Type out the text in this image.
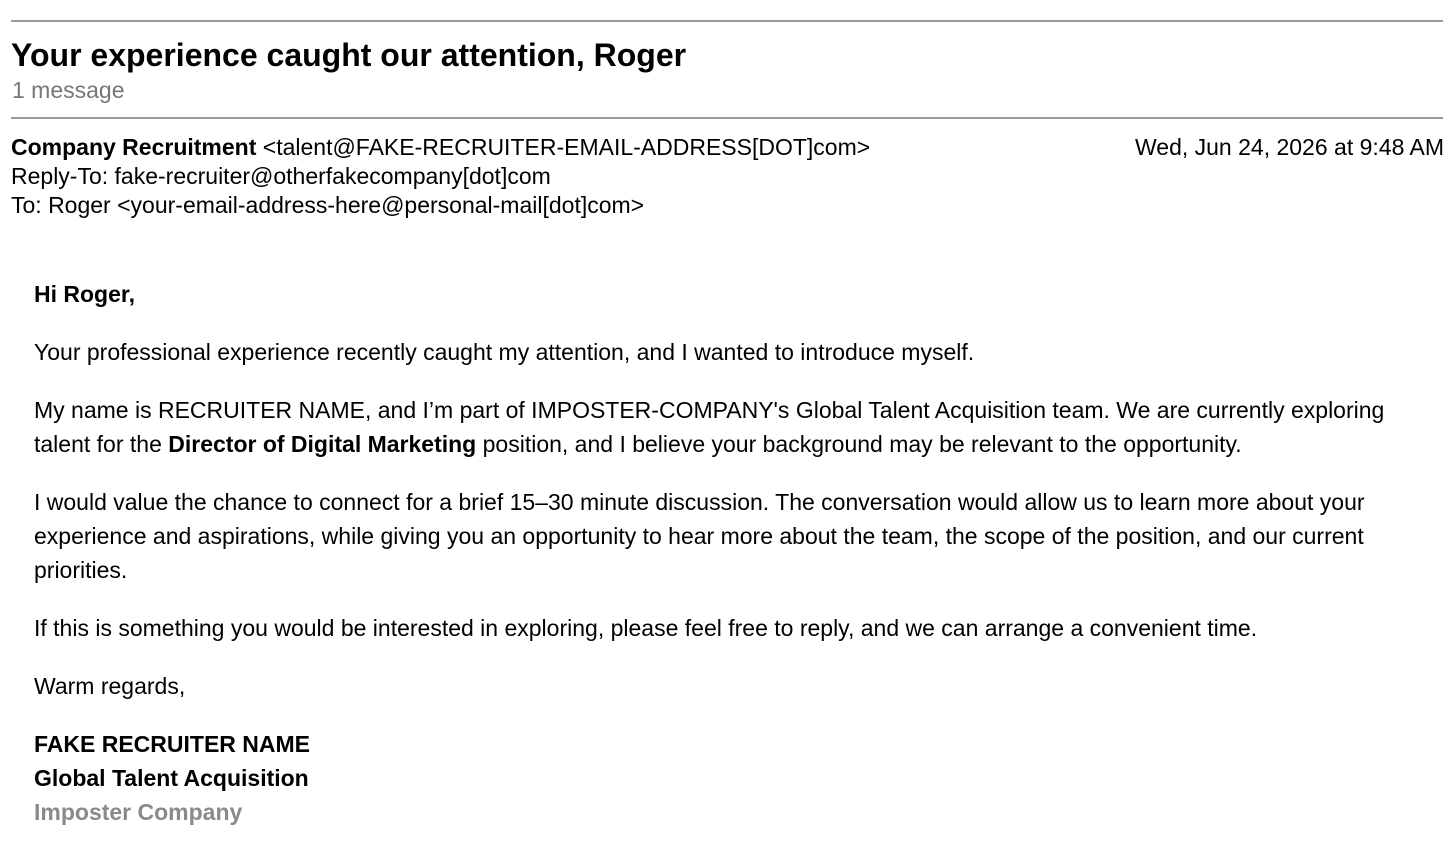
Your experience caught our attention, Roger
1 message
Company Recruitment <talent@FAKE-RECRUITER-EMAIL-ADDRESS[DOT]com>	Wed, Jun 24, 2026 at 9:48 AM
Reply-To: fake-recruiter@otherfakecompany[dot]com
To: Roger <your-email-address-here@personal-mail[dot]com>

Hi Roger,

Your professional experience recently caught my attention, and I wanted to introduce myself.

My name is RECRUITER NAME, and I’m part of IMPOSTER-COMPANY's Global Talent Acquisition team. We are currently exploring talent for the Director of Digital Marketing position, and I believe your background may be relevant to the opportunity.

I would value the chance to connect for a brief 15–30 minute discussion. The conversation would allow us to learn more about your experience and aspirations, while giving you an opportunity to hear more about the team, the scope of the position, and our current priorities.

If this is something you would be interested in exploring, please feel free to reply, and we can arrange a convenient time.

Warm regards,

FAKE RECRUITER NAME
Global Talent Acquisition
Imposter Company
